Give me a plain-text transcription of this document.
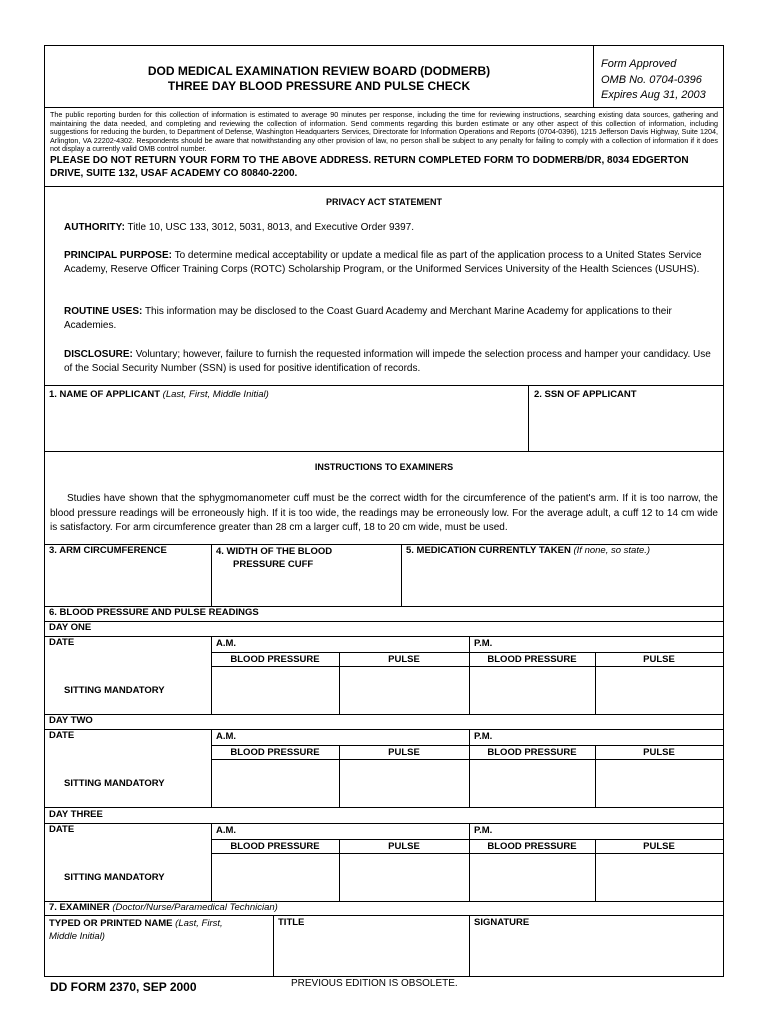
DOD MEDICAL EXAMINATION REVIEW BOARD (DODMERB)
THREE DAY BLOOD PRESSURE AND PULSE CHECK
Form Approved
OMB No. 0704-0396
Expires Aug 31, 2003
The public reporting burden for this collection of information is estimated to average 90 minutes per response, including the time for reviewing instructions, searching existing data sources, gathering and maintaining the data needed, and completing and reviewing the collection of information. Send comments regarding this burden estimate or any other aspect of this collection of information, including suggestions for reducing the burden, to Department of Defense, Washington Headquarters Services, Directorate for Information Operations and Reports (0704-0396), 1215 Jefferson Davis Highway, Suite 1204, Arlington, VA 22202-4302. Respondents should be aware that notwithstanding any other provision of law, no person shall be subject to any penalty for failing to comply with a collection of information if it does not display a currently valid OMB control number.
PLEASE DO NOT RETURN YOUR FORM TO THE ABOVE ADDRESS. RETURN COMPLETED FORM TO DODMERB/DR, 8034 EDGERTON DRIVE, SUITE 132, USAF ACADEMY CO 80840-2200.
PRIVACY ACT STATEMENT
AUTHORITY: Title 10, USC 133, 3012, 5031, 8013, and Executive Order 9397.
PRINCIPAL PURPOSE: To determine medical acceptability or update a medical file as part of the application process to a United States Service Academy, Reserve Officer Training Corps (ROTC) Scholarship Program, or the Uniformed Services University of the Health Sciences (USUHS).
ROUTINE USES: This information may be disclosed to the Coast Guard Academy and Merchant Marine Academy for applications to their Academies.
DISCLOSURE: Voluntary; however, failure to furnish the requested information will impede the selection process and hamper your candidacy. Use of the Social Security Number (SSN) is used for positive identification of records.
1. NAME OF APPLICANT (Last, First, Middle Initial)	2. SSN OF APPLICANT
INSTRUCTIONS TO EXAMINERS
Studies have shown that the sphygmomanometer cuff must be the correct width for the circumference of the patient's arm. If it is too narrow, the blood pressure readings will be erroneously high. If it is too wide, the readings may be erroneously low. For the average adult, a cuff 12 to 14 cm wide is satisfactory. For arm circumference greater than 28 cm a larger cuff, 18 to 20 cm wide, must be used.
3. ARM CIRCUMFERENCE	4. WIDTH OF THE BLOOD
PRESSURE CUFF
5. MEDICATION CURRENTLY TAKEN (If none, so state.)
6. BLOOD PRESSURE AND PULSE READINGS
DAY ONE
DATE	A.M.	P.M.
BLOOD PRESSURE	PULSE	BLOOD PRESSURE	PULSE
SITTING MANDATORY
DAY TWO
DATE	A.M.	P.M.
BLOOD PRESSURE	PULSE	BLOOD PRESSURE	PULSE
SITTING MANDATORY
DAY THREE
DATE	A.M.	P.M.
BLOOD PRESSURE	PULSE	BLOOD PRESSURE	PULSE
SITTING MANDATORY
7. EXAMINER (Doctor/Nurse/Paramedical Technician)
TYPED OR PRINTED NAME (Last, First, Middle Initial)
TITLE	SIGNATURE
DD FORM 2370, SEP 2000	PREVIOUS EDITION IS OBSOLETE.
